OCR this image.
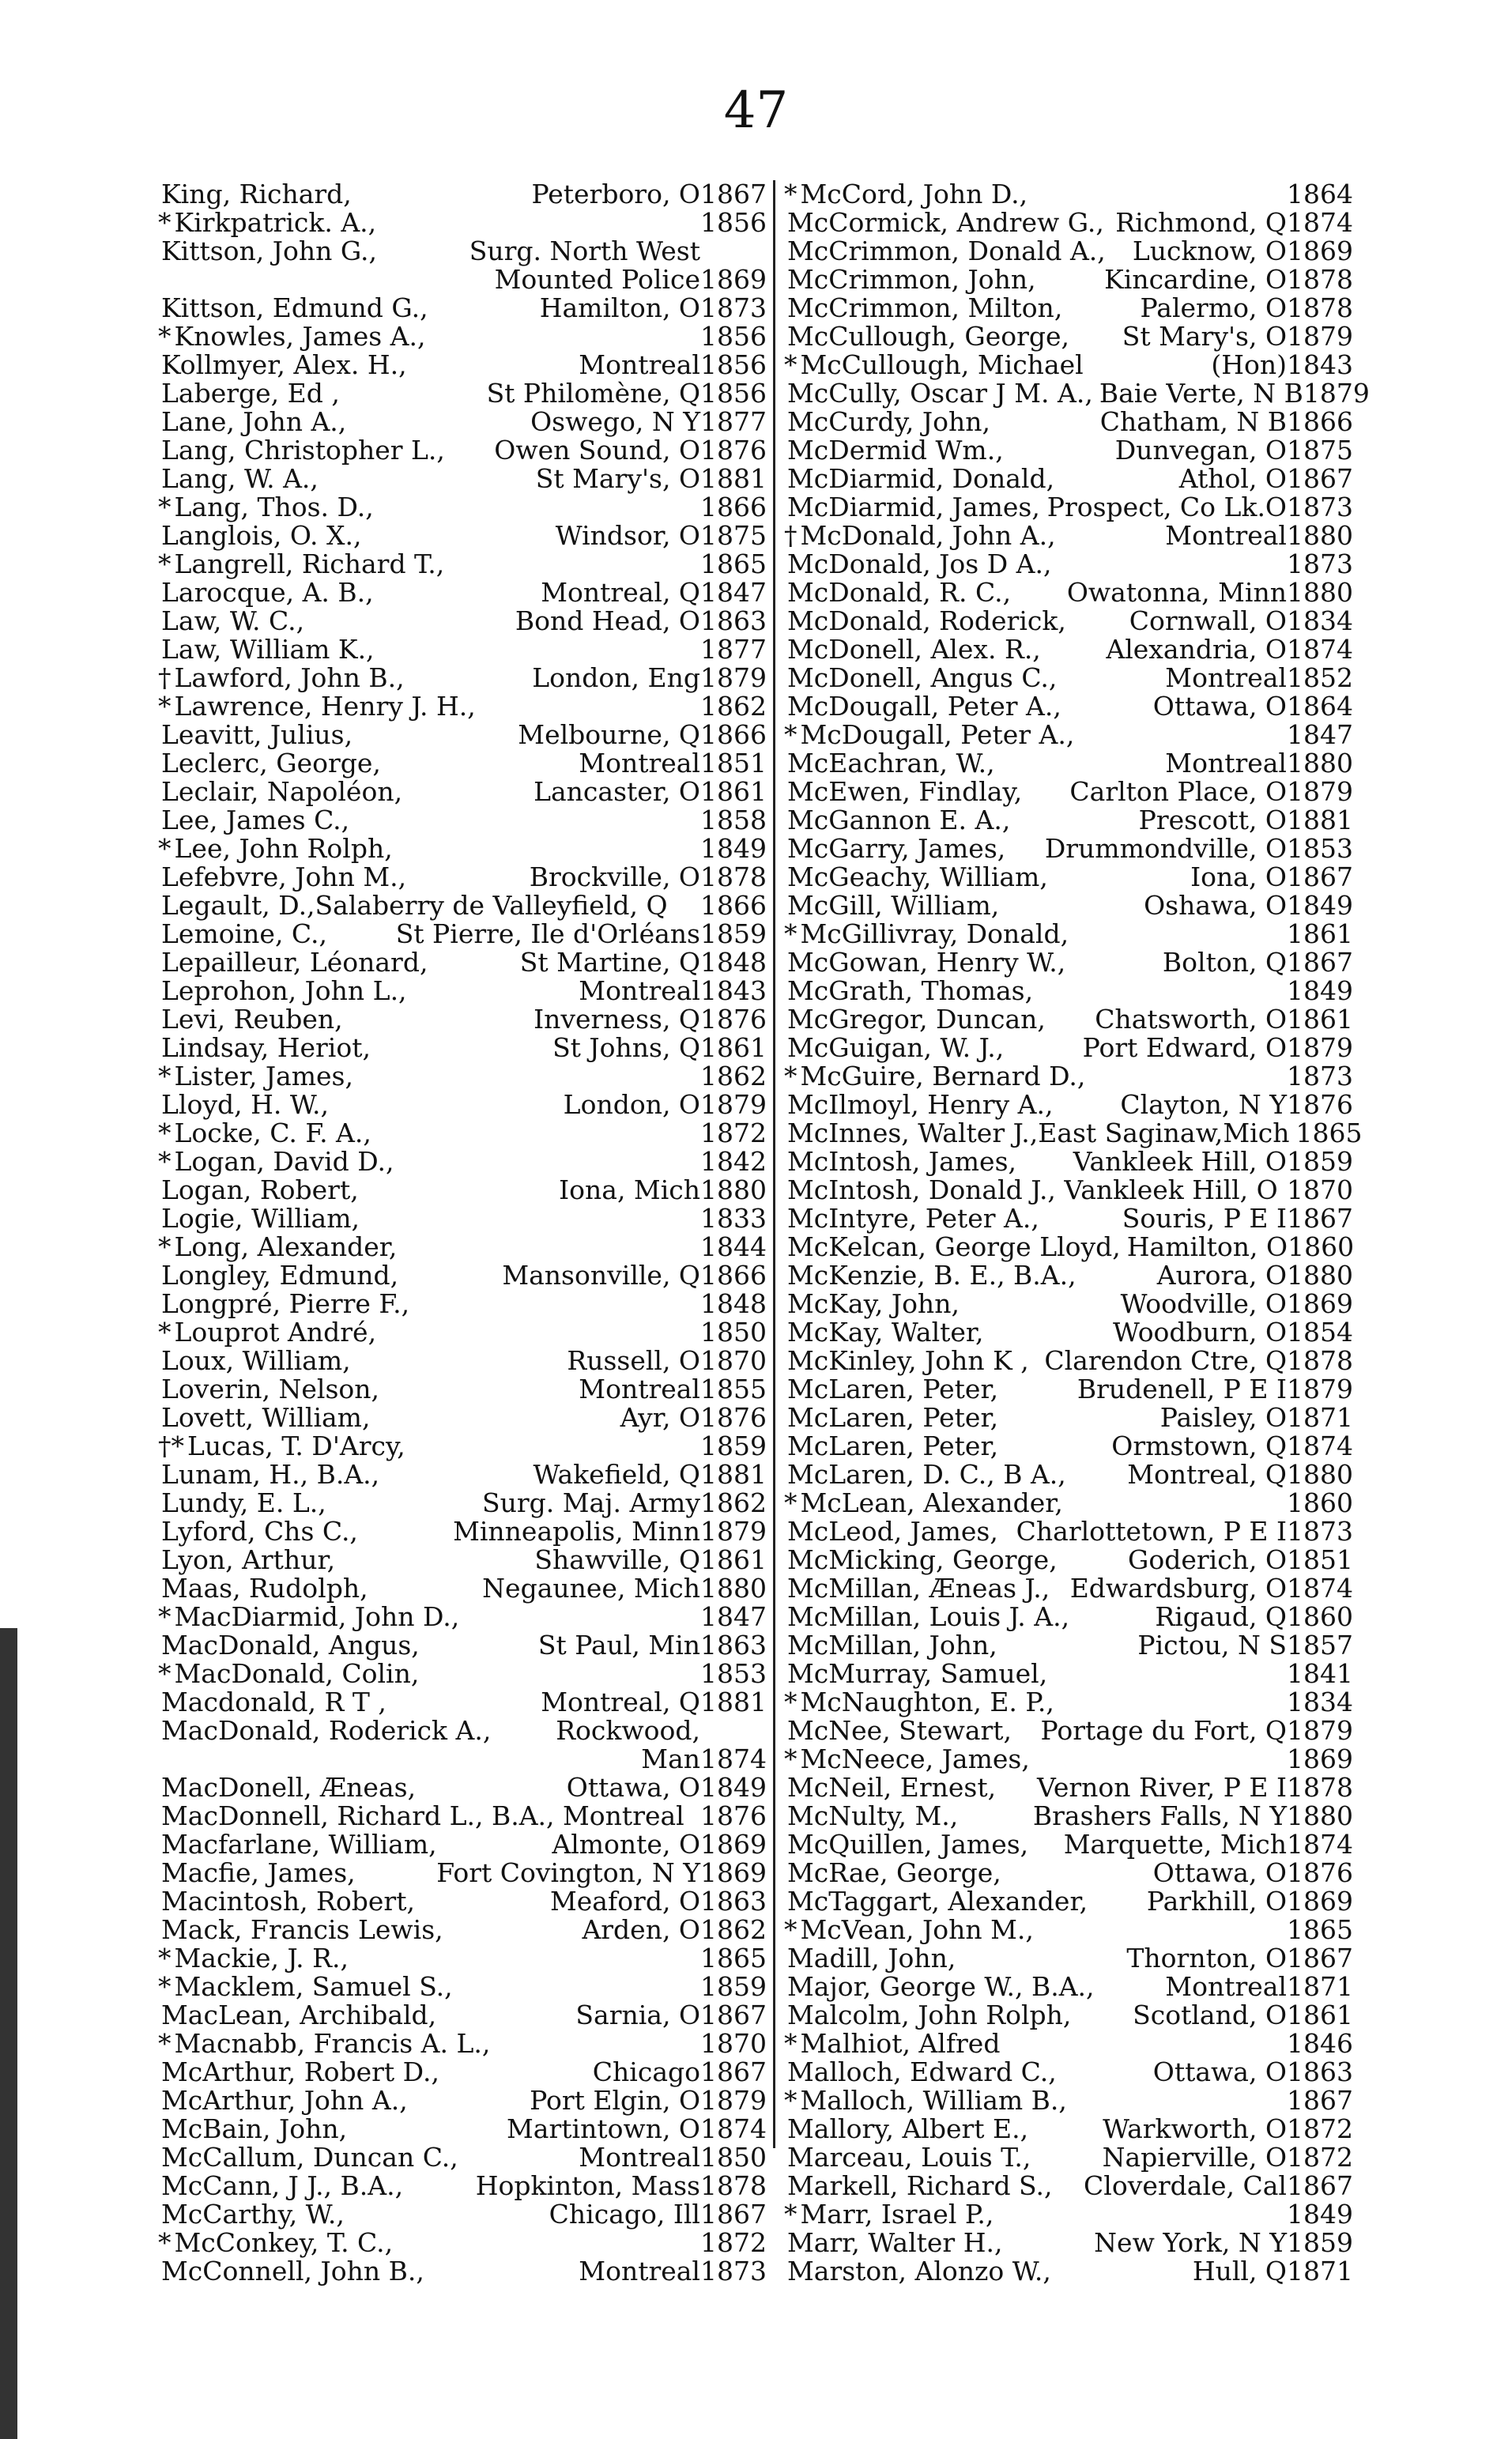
47
King, Richard,	Peterboro, O 1867
* Kirkpatrick. A.,	1856
Kittson, John G.,	Surg. North West
Mounted Police 1869
Kittson, Edmund G.,	Hamilton, O 1873
* Knowles, James A.,	1856
Kollmyer, Alex. H.,	Montreal 1856
Laberge, Ed ,	St Philomène, Q 1856
Lane, John A.,	Oswego, N Y 1877
Lang, Christopher L.,	Owen Sound, O 1876
Lang, W. A.,	St Mary's, O 1881
* Lang, Thos. D.,	1866
Langlois, O. X.,	Windsor, O 1875
* Langrell, Richard T.,	1865
Larocque, A. B.,	Montreal, Q 1847
Law, W. C.,	Bond Head, O 1863
Law, William K.,	1877
† Lawford, John B.,	London, Eng 1879
* Lawrence, Henry J. H.,	1862
Leavitt, Julius,	Melbourne, Q 1866
Leclerc, George,	Montreal 1851
Leclair, Napoléon,	Lancaster, O 1861
Lee, James C.,	1858
* Lee, John Rolph,	1849
Lefebvre, John M.,	Brockville, O 1878
Legault, D.,Salaberry de Valleyfield, Q 1866
Lemoine, C.,	St Pierre, Ile d'Orléans 1859
Lepailleur, Léonard,	St Martine, Q 1848
Leprohon, John L.,	Montreal 1843
Levi, Reuben,	Inverness, Q 1876
Lindsay, Heriot,	St Johns, Q 1861
* Lister, James,	1862
Lloyd, H. W.,	London, O 1879
* Locke, C. F. A.,	1872
* Logan, David D.,	1842
Logan, Robert,	Iona, Mich 1880
Logie, William,	1833
* Long, Alexander,	1844
Longley, Edmund,	Mansonville, Q 1866
Longpré, Pierre F.,	1848
* Louprot André,	1850
Loux, William,	Russell, O 1870
Loverin, Nelson,	Montreal 1855
Lovett, William,	Ayr, O 1876
†* Lucas, T. D'Arcy,	1859
Lunam, H., B.A.,	Wakefield, Q 1881
Lundy, E. L.,	Surg. Maj. Army 1862
Lyford, Chs C.,	Minneapolis, Minn 1879
Lyon, Arthur,	Shawville, Q 1861
Maas, Rudolph,	Negaunee, Mich 1880
* MacDiarmid, John D.,	1847
MacDonald, Angus,	St Paul, Min 1863
* MacDonald, Colin,	1853
Macdonald, R T ,	Montreal, Q 1881
MacDonald, Roderick A.,	Rockwood,
Man 1874
MacDonell, Æneas,	Ottawa, O 1849
MacDonnell, Richard L., B.A., Montreal 1876
Macfarlane, William,	Almonte, O 1869
Macfie, James,	Fort Covington, N Y 1869
Macintosh, Robert,	Meaford, O 1863
Mack, Francis Lewis,	Arden, O 1862
* Mackie, J. R.,	1865
* Macklem, Samuel S.,	1859
MacLean, Archibald,	Sarnia, O 1867
* Macnabb, Francis A. L.,	1870
McArthur, Robert D.,	Chicago 1867
McArthur, John A.,	Port Elgin, O 1879
McBain, John,	Martintown, O 1874
McCallum, Duncan C.,	Montreal 1850
McCann, J J., B.A.,	Hopkinton, Mass 1878
McCarthy, W.,	Chicago, Ill 1867
* McConkey, T. C.,	1872
McConnell, John B.,	Montreal 1873
* McCord, John D.,	1864
McCormick, Andrew G., Richmond, Q 1874
McCrimmon, Donald A.,	Lucknow, O 1869
McCrimmon, John,	Kincardine, O 1878
McCrimmon, Milton,	Palermo, O 1878
McCullough, George,	St Mary's, O 1879
* McCullough, Michael	(Hon) 1843
McCully, Oscar J M. A., Baie Verte, N B 1879
McCurdy, John,	Chatham, N B 1866
McDermid Wm.,	Dunvegan, O 1875
McDiarmid, Donald,	Athol, O 1867
McDiarmid, James, Prospect, Co Lk.O 1873
† McDonald, John A.,	Montreal 1880
McDonald, Jos D A.,	1873
McDonald, R. C.,	Owatonna, Minn 1880
McDonald, Roderick,	Cornwall, O 1834
McDonell, Alex. R.,	Alexandria, O 1874
McDonell, Angus C.,	Montreal 1852
McDougall, Peter A.,	Ottawa, O 1864
* McDougall, Peter A.,	1847
McEachran, W.,	Montreal 1880
McEwen, Findlay,	Carlton Place, O 1879
McGannon E. A.,	Prescott, O 1881
McGarry, James,	Drummondville, O 1853
McGeachy, William,	Iona, O 1867
McGill, William,	Oshawa, O 1849
* McGillivray, Donald,	1861
McGowan, Henry W.,	Bolton, Q 1867
McGrath, Thomas,	1849
McGregor, Duncan,	Chatsworth, O 1861
McGuigan, W. J.,	Port Edward, O 1879
* McGuire, Bernard D.,	1873
McIlmoyl, Henry A.,	Clayton, N Y 1876
McInnes, Walter J.,East Saginaw,Mich 1865
McIntosh, James,	Vankleek Hill, O 1859
McIntosh, Donald J., Vankleek Hill, O 1870
McIntyre, Peter A.,	Souris, P E I 1867
McKelcan, George Lloyd, Hamilton, O 1860
McKenzie, B. E., B.A.,	Aurora, O 1880
McKay, John,	Woodville, O 1869
McKay, Walter,	Woodburn, O 1854
McKinley, John K , Clarendon Ctre, Q 1878
McLaren, Peter,	Brudenell, P E I 1879
McLaren, Peter,	Paisley, O 1871
McLaren, Peter,	Ormstown, Q 1874
McLaren, D. C., B A.,	Montreal, Q 1880
* McLean, Alexander,	1860
McLeod, James, Charlottetown, P E I 1873
McMicking, George,	Goderich, O 1851
McMillan, Æneas J., Edwardsburg, O 1874
McMillan, Louis J. A.,	Rigaud, Q 1860
McMillan, John,	Pictou, N S 1857
McMurray, Samuel,	1841
* McNaughton, E. P.,	1834
McNee, Stewart,	Portage du Fort, Q 1879
* McNeece, James,	1869
McNeil, Ernest,	Vernon River, P E I 1878
McNulty, M.,	Brashers Falls, N Y 1880
McQuillen, James,	Marquette, Mich 1874
McRae, George,	Ottawa, O 1876
McTaggart, Alexander,	Parkhill, O 1869
* McVean, John M.,	1865
Madill, John,	Thornton, O 1867
Major, George W., B.A.,	Montreal 1871
Malcolm, John Rolph,	Scotland, O 1861
* Malhiot, Alfred	1846
Malloch, Edward C.,	Ottawa, O 1863
* Malloch, William B.,	1867
Mallory, Albert E.,	Warkworth, O 1872
Marceau, Louis T.,	Napierville, O 1872
Markell, Richard S.,	Cloverdale, Cal 1867
* Marr, Israel P.,	1849
Marr, Walter H.,	New York, N Y 1859
Marston, Alonzo W.,	Hull, Q 1871
